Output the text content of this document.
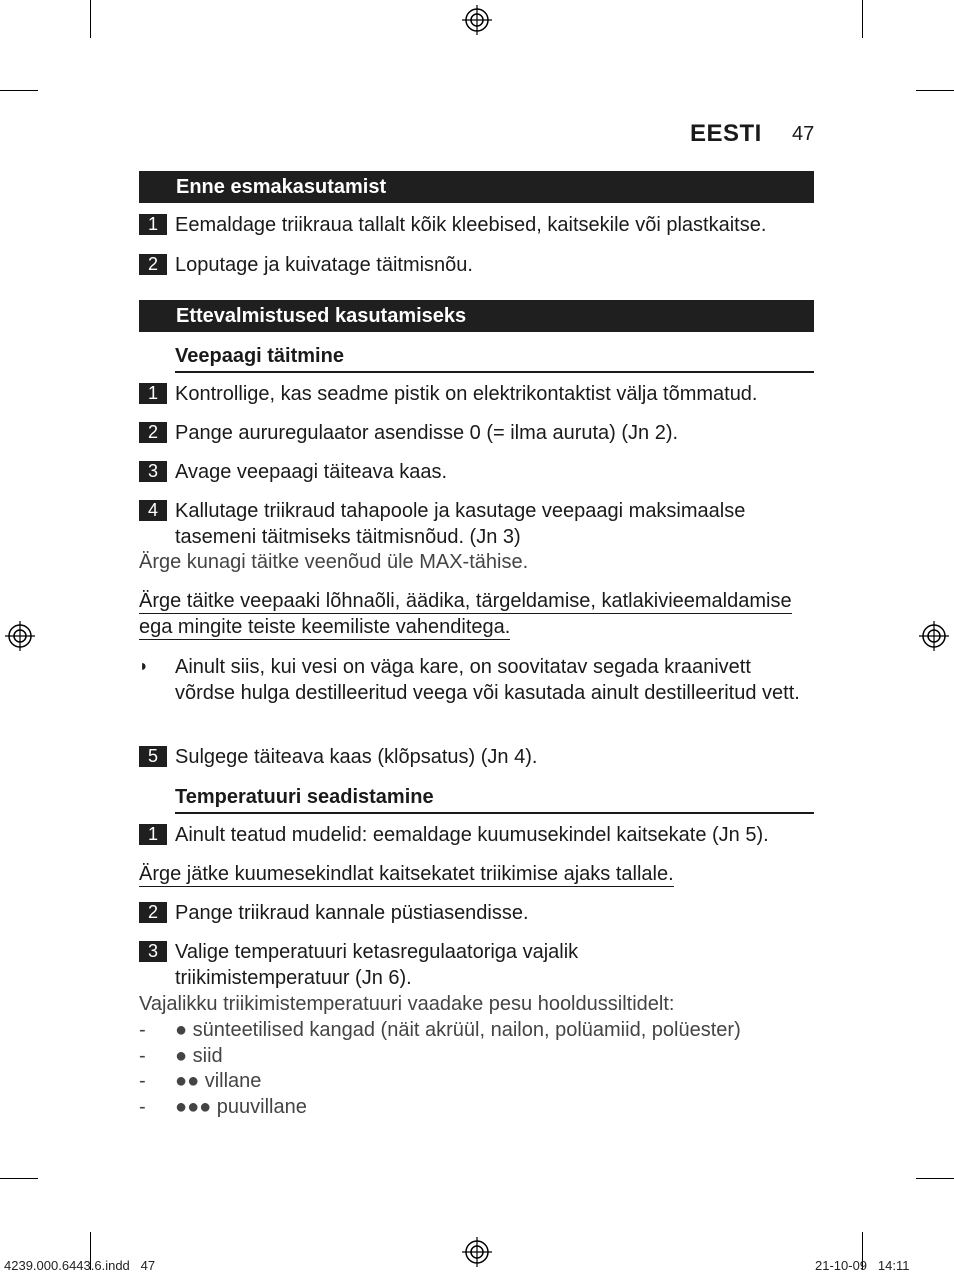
EESTI 47
Enne esmakasutamist
1 Eemaldage triikraua tallalt kõik kleebised, kaitsekile või plastkaitse.
2 Loputage ja kuivatage täitmisnõu.
Ettevalmistused kasutamiseks
Veepaagi täitmine
1 Kontrollige, kas seadme pistik on elektrikontaktist välja tõmmatud.
2 Pange aururegulaator asendisse 0 (= ilma auruta) (Jn 2).
3 Avage veepaagi täiteava kaas.
4 Kallutage triikraud tahapoole ja kasutage veepaagi maksimaalse tasemeni täitmiseks täitmisnõud. (Jn 3)
Ärge kunagi täitke veenõud üle MAX-tähise.
Ärge täitke veepaaki lõhnaõli, äädika, tärgeldamise, katlakivieemaldamise ega mingite teiste keemiliste vahenditega.
◗ Ainult siis, kui vesi on väga kare, on soovitatav segada kraanivett võrdse hulga destilleeritud veega või kasutada ainult destilleeritud vett.
5 Sulgege täiteava kaas (klõpsatus) (Jn 4).
Temperatuuri seadistamine
1 Ainult teatud mudelid: eemaldage kuumusekindel kaitsekate (Jn 5).
Ärge jätke kuumesekindlat kaitsekatet triikimise ajaks tallale.
2 Pange triikraud kannale püstiasendisse.
3 Valige temperatuuri ketasregulaatoriga vajalik triikimistemperatuur (Jn 6).
Vajalikku triikimistemperatuuri vaadake pesu hooldussiltidelt:
- ● sünteetilised kangad (näit akrüül, nailon, polüamiid, polüester)
- ● siid
- ●● villane
- ●●● puuvillane
4239.000.6443.6.indd   47	21-10-09   14:11
